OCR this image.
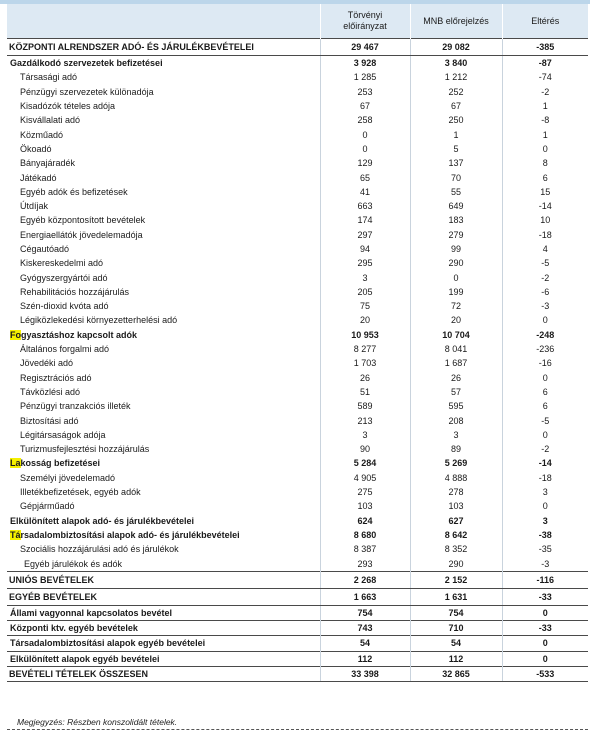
	Törvényi
előirányzat	MNB előrejelzés	Eltérés
KÖZPONTI ALRENDSZER ADÓ- ÉS JÁRULÉKBEVÉTELEI	29 467	29 082	-385
Gazdálkodó szervezetek befizetései	3 928	3 840	-87
Társasági adó	1 285	1 212	-74
Pénzügyi szervezetek különadója	253	252	-2
Kisadózók tételes adója	67	67	1
Kisvállalati adó	258	250	-8
Közműadó	0	1	1
Ökoadó	0	5	0
Bányajáradék	129	137	8
Játékadó	65	70	6
Egyéb adók és befizetések	41	55	15
Útdíjak	663	649	-14
Egyéb központosított bevételek	174	183	10
Energiaellátók jövedelemadója	297	279	-18
Cégautóadó	94	99	4
Kiskereskedelmi adó	295	290	-5
Gyógyszergyártói adó	3	0	-2
Rehabilitációs hozzájárulás	205	199	-6
Szén-dioxid kvóta adó	75	72	-3
Légiközlekedési környezetterhelési adó	20	20	0
Fogyasztáshoz kapcsolt adók	10 953	10 704	-248
Általános forgalmi adó	8 277	8 041	-236
Jövedéki adó	1 703	1 687	-16
Regisztrációs adó	26	26	0
Távközlési adó	51	57	6
Pénzügyi tranzakciós illeték	589	595	6
Biztosítási adó	213	208	-5
Légitársaságok adója	3	3	0
Turizmusfejlesztési hozzájárulás	90	89	-2
Lakosság befizetései	5 284	5 269	-14
Személyi jövedelemadó	4 905	4 888	-18
Illetékbefizetések, egyéb adók	275	278	3
Gépjárműadó	103	103	0
Elkülönített alapok adó- és járulékbevételei	624	627	3
Társadalombiztosítási alapok adó- és járulékbevételei	8 680	8 642	-38
Szociális hozzájárulási adó és járulékok	8 387	8 352	-35
Egyéb járulékok és adók	293	290	-3
UNIÓS BEVÉTELEK	2 268	2 152	-116
EGYÉB BEVÉTELEK	1 663	1 631	-33
Állami vagyonnal kapcsolatos bevétel	754	754	0
Központi ktv. egyéb bevételek	743	710	-33
Társadalombiztosítási alapok egyéb bevételei	54	54	0
Elkülönített alapok egyéb bevételei	112	112	0
BEVÉTELI TÉTELEK ÖSSZESEN	33 398	32 865	-533
Megjegyzés: Részben konszolidált tételek.
